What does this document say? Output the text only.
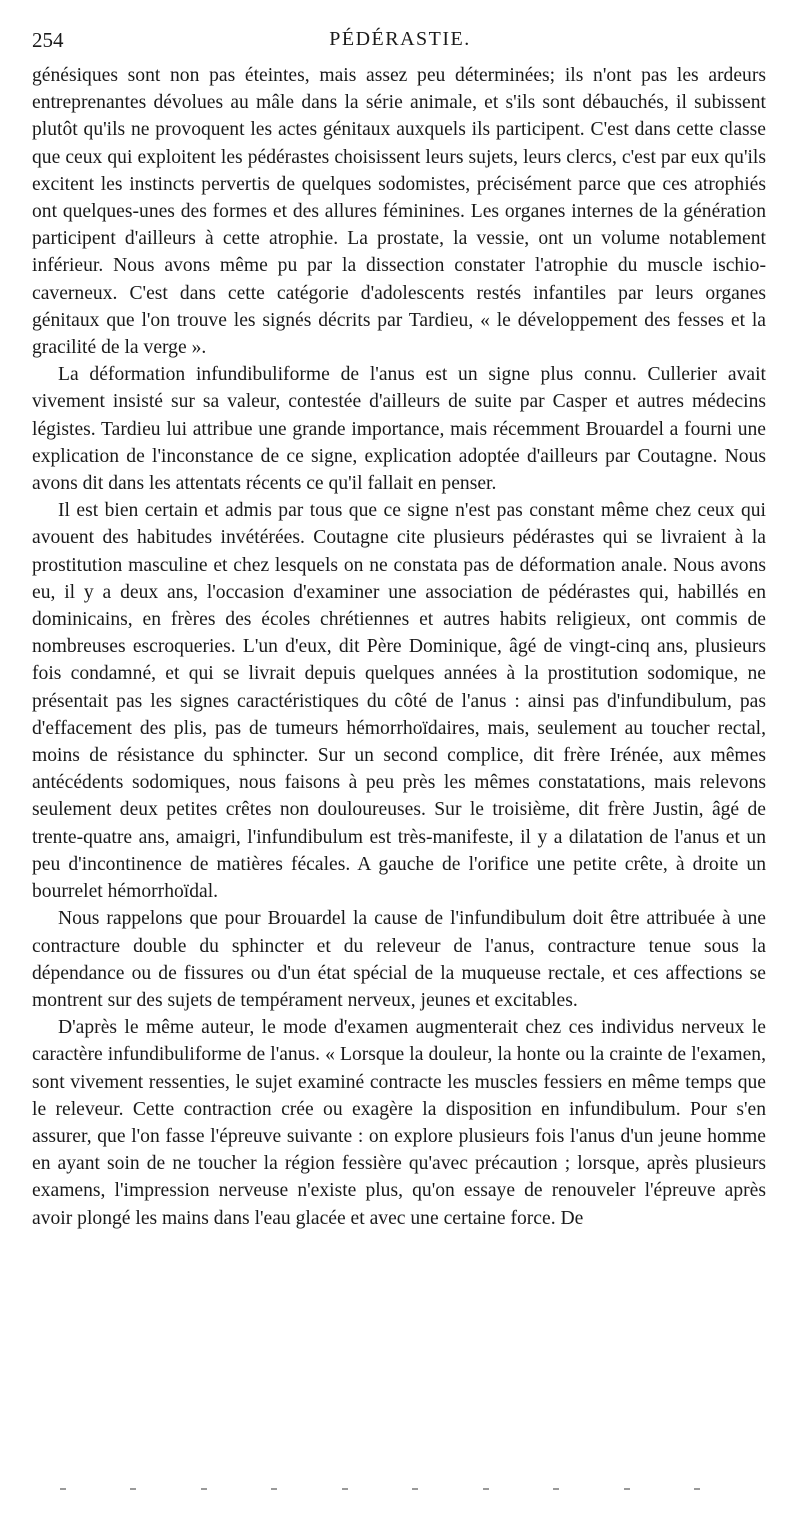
254	PÉDÉRASTIE.

génésiques sont non pas éteintes, mais assez peu déterminées; ils n'ont pas les ardeurs entreprenantes dévolues au mâle dans la série animale, et s'ils sont débauchés, il subissent plutôt qu'ils ne provoquent les actes génitaux auxquels ils participent. C'est dans cette classe que ceux qui exploitent les pédérastes choisissent leurs sujets, leurs clercs, c'est par eux qu'ils excitent les instincts pervertis de quelques sodomistes, précisément parce que ces atrophiés ont quelques-unes des formes et des allures féminines. Les organes internes de la génération participent d'ailleurs à cette atrophie. La prostate, la vessie, ont un volume notablement inférieur. Nous avons même pu par la dissection constater l'atrophie du muscle ischio-caverneux. C'est dans cette catégorie d'adolescents restés infantiles par leurs organes génitaux que l'on trouve les signés décrits par Tardieu, « le développement des fesses et la gracilité de la verge ».

La déformation infundibuliforme de l'anus est un signe plus connu. Cullerier avait vivement insisté sur sa valeur, contestée d'ailleurs de suite par Casper et autres médecins légistes. Tardieu lui attribue une grande importance, mais récemment Brouardel a fourni une explication de l'inconstance de ce signe, explication adoptée d'ailleurs par Coutagne. Nous avons dit dans les attentats récents ce qu'il fallait en penser.

Il est bien certain et admis par tous que ce signe n'est pas constant même chez ceux qui avouent des habitudes invétérées. Coutagne cite plusieurs pédérastes qui se livraient à la prostitution masculine et chez lesquels on ne constata pas de déformation anale. Nous avons eu, il y a deux ans, l'occasion d'examiner une association de pédérastes qui, habillés en dominicains, en frères des écoles chrétiennes et autres habits religieux, ont commis de nombreuses escroqueries. L'un d'eux, dit Père Dominique, âgé de vingt-cinq ans, plusieurs fois condamné, et qui se livrait depuis quelques années à la prostitution sodomique, ne présentait pas les signes caractéristiques du côté de l'anus : ainsi pas d'infundibulum, pas d'effacement des plis, pas de tumeurs hémorrhoïdaires, mais, seulement au toucher rectal, moins de résistance du sphincter. Sur un second complice, dit frère Irénée, aux mêmes antécédents sodomiques, nous faisons à peu près les mêmes constatations, mais relevons seulement deux petites crêtes non douloureuses. Sur le troisième, dit frère Justin, âgé de trente-quatre ans, amaigri, l'infundibulum est très-manifeste, il y a dilatation de l'anus et un peu d'incontinence de matières fécales. A gauche de l'orifice une petite crête, à droite un bourrelet hémorrhoïdal.

Nous rappelons que pour Brouardel la cause de l'infundibulum doit être attribuée à une contracture double du sphincter et du releveur de l'anus, contracture tenue sous la dépendance ou de fissures ou d'un état spécial de la muqueuse rectale, et ces affections se montrent sur des sujets de tempérament nerveux, jeunes et excitables.

D'après le même auteur, le mode d'examen augmenterait chez ces individus nerveux le caractère infundibuliforme de l'anus. « Lorsque la douleur, la honte ou la crainte de l'examen, sont vivement ressenties, le sujet examiné contracte les muscles fessiers en même temps que le releveur. Cette contraction crée ou exagère la disposition en infundibulum. Pour s'en assurer, que l'on fasse l'épreuve suivante : on explore plusieurs fois l'anus d'un jeune homme en ayant soin de ne toucher la région fessière qu'avec précaution ; lorsque, après plusieurs examens, l'impression nerveuse n'existe plus, qu'on essaye de renouveler l'épreuve après avoir plongé les mains dans l'eau glacée et avec une certaine force. De
